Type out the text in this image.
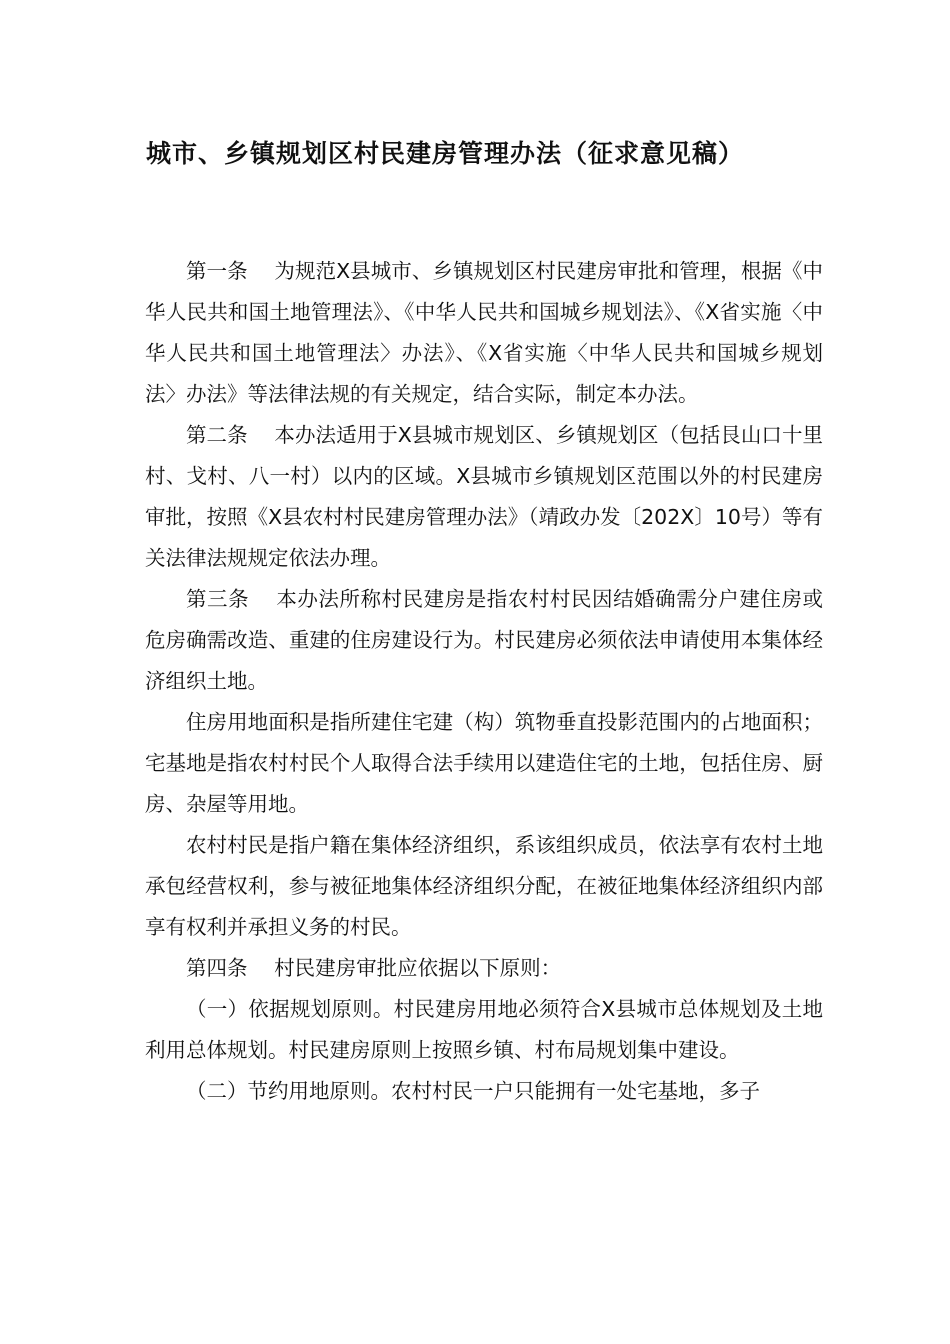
城市、乡镇规划区村民建房管理办法（征求意见稿）

第一条 为规范X县城市、乡镇规划区村民建房审批和管理，根据《中华人民共和国土地管理法》、《中华人民共和国城乡规划法》、《X省实施〈中华人民共和国土地管理法〉办法》、《X省实施〈中华人民共和国城乡规划法〉办法》等法律法规的有关规定，结合实际，制定本办法。

第二条 本办法适用于X县城市规划区、乡镇规划区（包括艮山口十里村、戈村、八一村）以内的区域。X县城市乡镇规划区范围以外的村民建房审批，按照《X县农村村民建房管理办法》（靖政办发〔202X〕10号）等有关法律法规规定依法办理。

第三条 本办法所称村民建房是指农村村民因结婚确需分户建住房或危房确需改造、重建的住房建设行为。村民建房必须依法申请使用本集体经济组织土地。

住房用地面积是指所建住宅建（构）筑物垂直投影范围内的占地面积；宅基地是指农村村民个人取得合法手续用以建造住宅的土地，包括住房、厨房、杂屋等用地。

农村村民是指户籍在集体经济组织，系该组织成员，依法享有农村土地承包经营权利，参与被征地集体经济组织分配，在被征地集体经济组织内部享有权利并承担义务的村民。

第四条 村民建房审批应依据以下原则：

（一）依据规划原则。村民建房用地必须符合X县城市总体规划及土地利用总体规划。村民建房原则上按照乡镇、村布局规划集中建设。

（二）节约用地原则。农村村民一户只能拥有一处宅基地，多子
